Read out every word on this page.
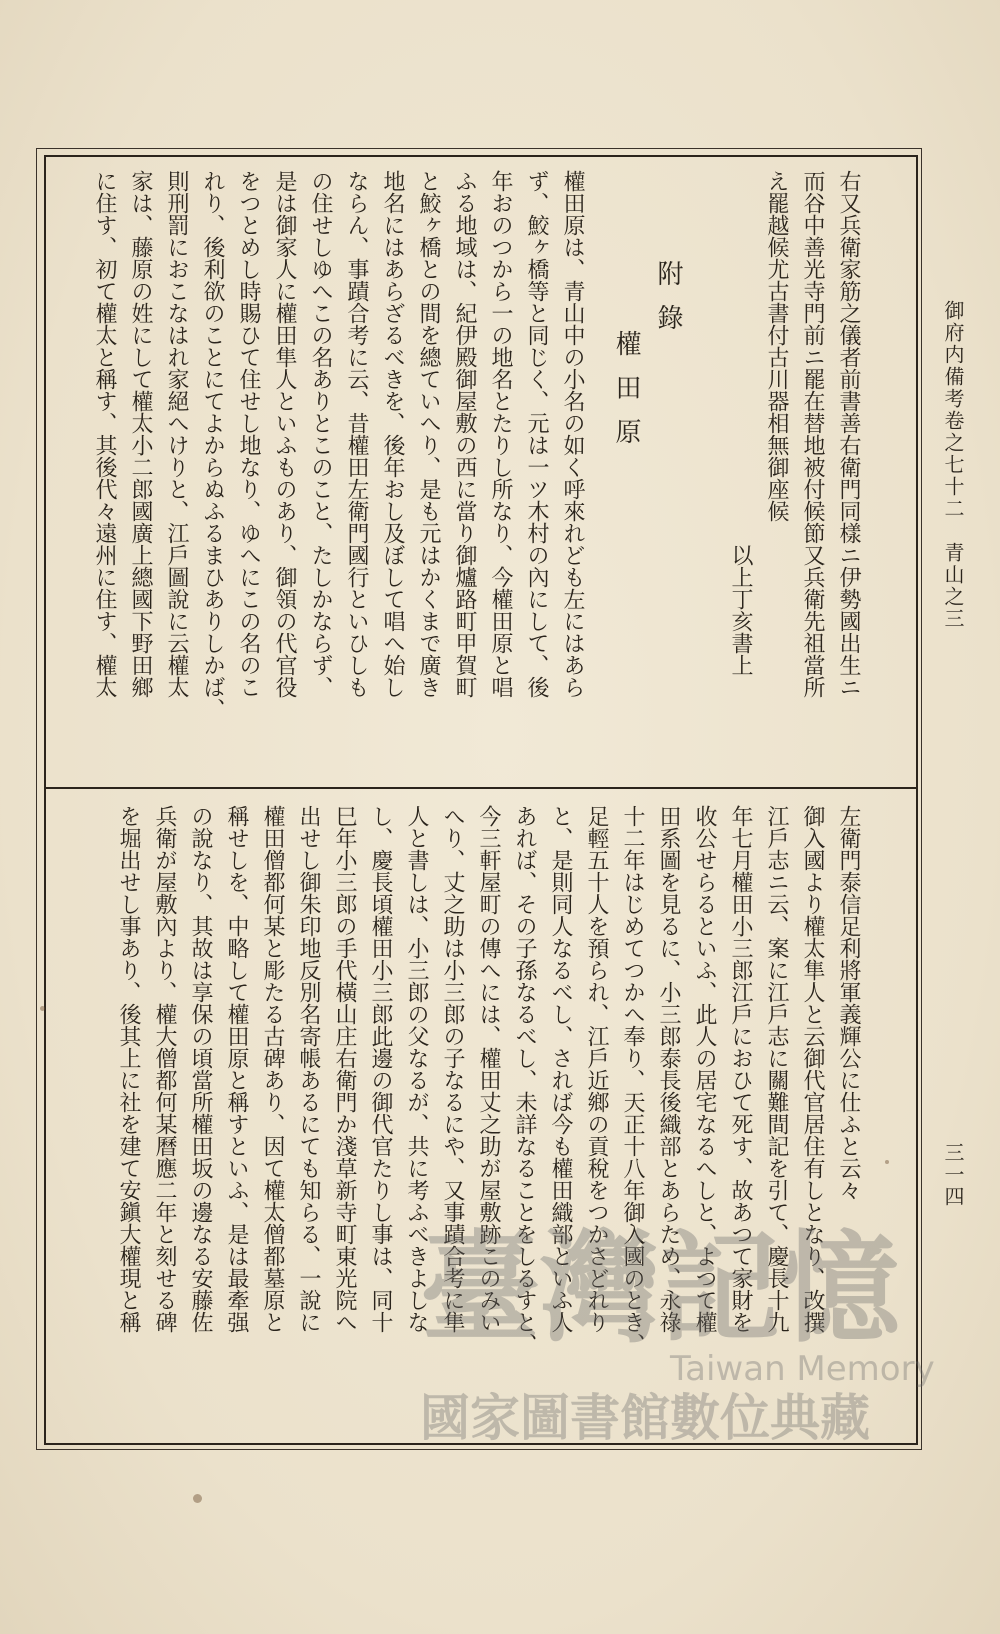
御府内備考卷之七十二　青山之三
三一四
右又兵衛家筋之儀者前書善右衛門同樣ニ伊勢國出生ニ
而谷中善光寺門前ニ罷在替地被付候節又兵衛先祖當所
え罷越候尤古書付古川器相無御座候
　　　　　　　　　　　　　　　　　以上丁亥書上
附錄
權田原
權田原は、青山中の小名の如く呼來れども左にはあら
ず、鮫ヶ橋等と同じく、元は一ツ木村の內にして、後
年おのつから一の地名とたりし所なり、今權田原と唱
ふる地域は、紀伊殿御屋敷の西に當り御爐路町甲賀町
と鮫ヶ橋との間を總ていへり、是も元はかくまで廣き
地名にはあらざるべきを、後年おし及ぼして唱へ始し
ならん、事蹟合考に云、昔權田左衛門國行といひしも
の住せしゆへこの名ありとこのこと、たしかならず、
是は御家人に權田隼人といふものあり、御領の代官役
をつとめし時賜ひて住せし地なり、ゆへにこの名のこ
れり、後利欲のことにてよからぬふるまひありしかば、
則刑罰におこなはれ家絕へけりと、江戶圖說に云權太
家は、藤原の姓にして權太小二郎國廣上總國下野田鄉
に住す、初て權太と稱す、其後代々遠州に住す、權太
左衛門泰信足利將軍義輝公に仕ふと云々
御入國より權太隼人と云御代官居住有しとなり、改撰
江戶志ニ云、案に江戶志に關難間記を引て、慶長十九
年七月權田小三郎江戶におひて死す、故あつて家財を
收公せらるといふ、此人の居宅なるへしと、よつて權
田系圖を見るに、小三郎泰長後織部とあらため、永祿
十二年はじめてつかへ奉り、天正十八年御入國のとき、
足輕五十人を預られ、江戶近鄉の貢稅をつかさどれり
と、是則同人なるべし、されば今も權田織部といふ人
あれば、その子孫なるべし、未詳なることをしるすと、
今三軒屋町の傳へには、權田丈之助が屋敷跡このみい
へり、丈之助は小三郎の子なるにや、又事蹟合考に隼
人と書しは、小三郎の父なるが、共に考ふべきよしな
し、慶長頃權田小三郎此邊の御代官たりし事は、同十
巳年小三郎の手代橫山庄右衛門か淺草新寺町東光院へ
出せし御朱印地反別名寄帳あるにても知らる、一說に
權田僧都何某と彫たる古碑あり、因て權太僧都墓原と
稱せしを、中略して權田原と稱すといふ、是は最牽强
の說なり、其故は享保の頃當所權田坂の邊なる安藤佐
兵衛が屋敷內より、權大僧都何某曆應二年と刻せる碑
を堀出せし事あり、後其上に社を建て安鎭大權現と稱 臺灣記憶
Taiwan Memory
國家圖書館數位典藏
